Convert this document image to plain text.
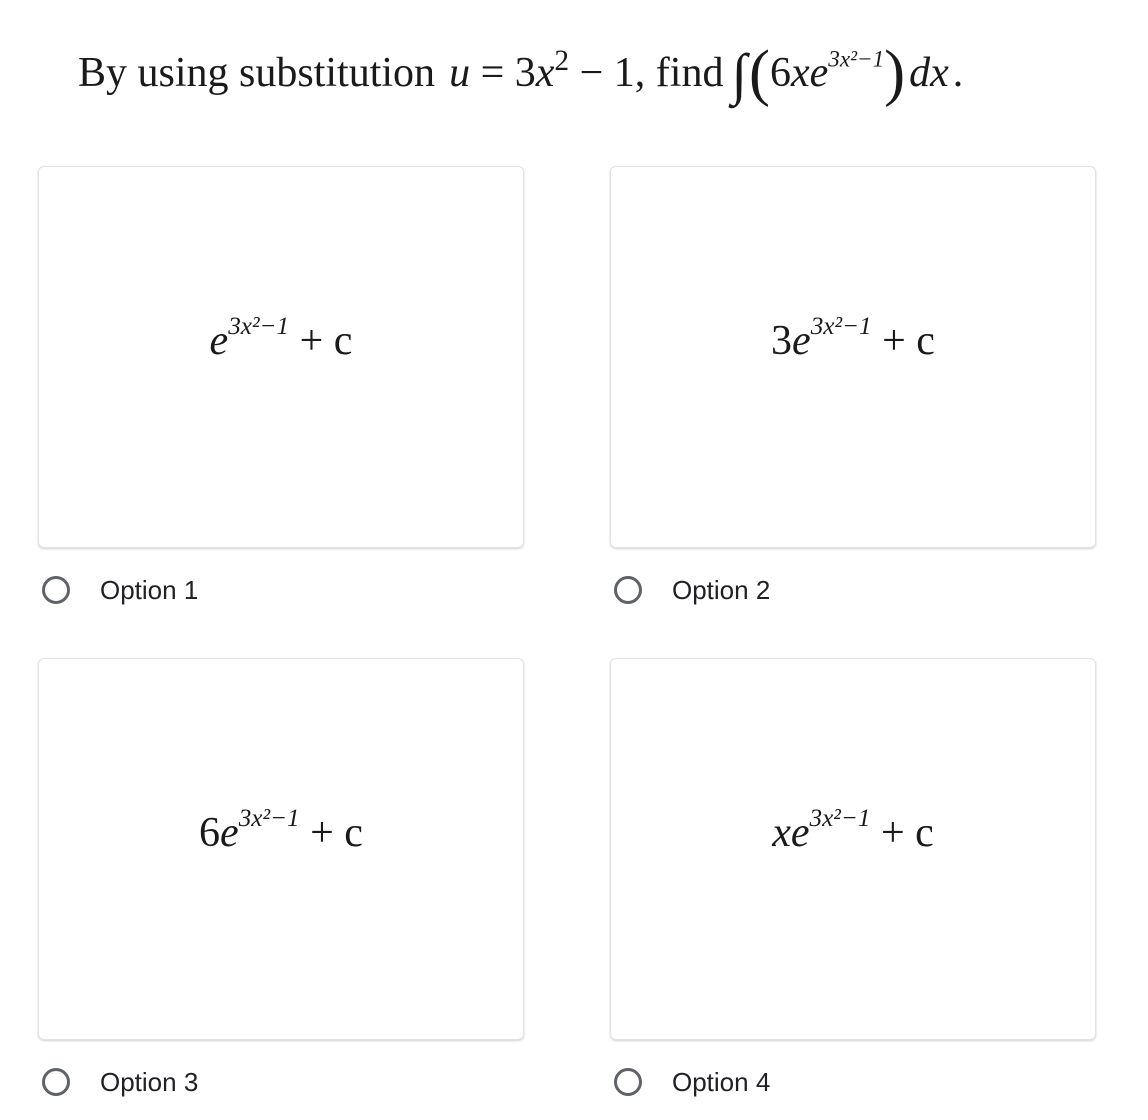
By using substitution $u = 3x^2 - 1$ , find $\int(6xe^{3x^2-1})dx$.
$e^{3x^2-1} + c$
Option 1
$3e^{3x^2-1} + c$
Option 2
$6e^{3x^2-1} + c$
Option 3
$xe^{3x^2-1} + c$
Option 4
